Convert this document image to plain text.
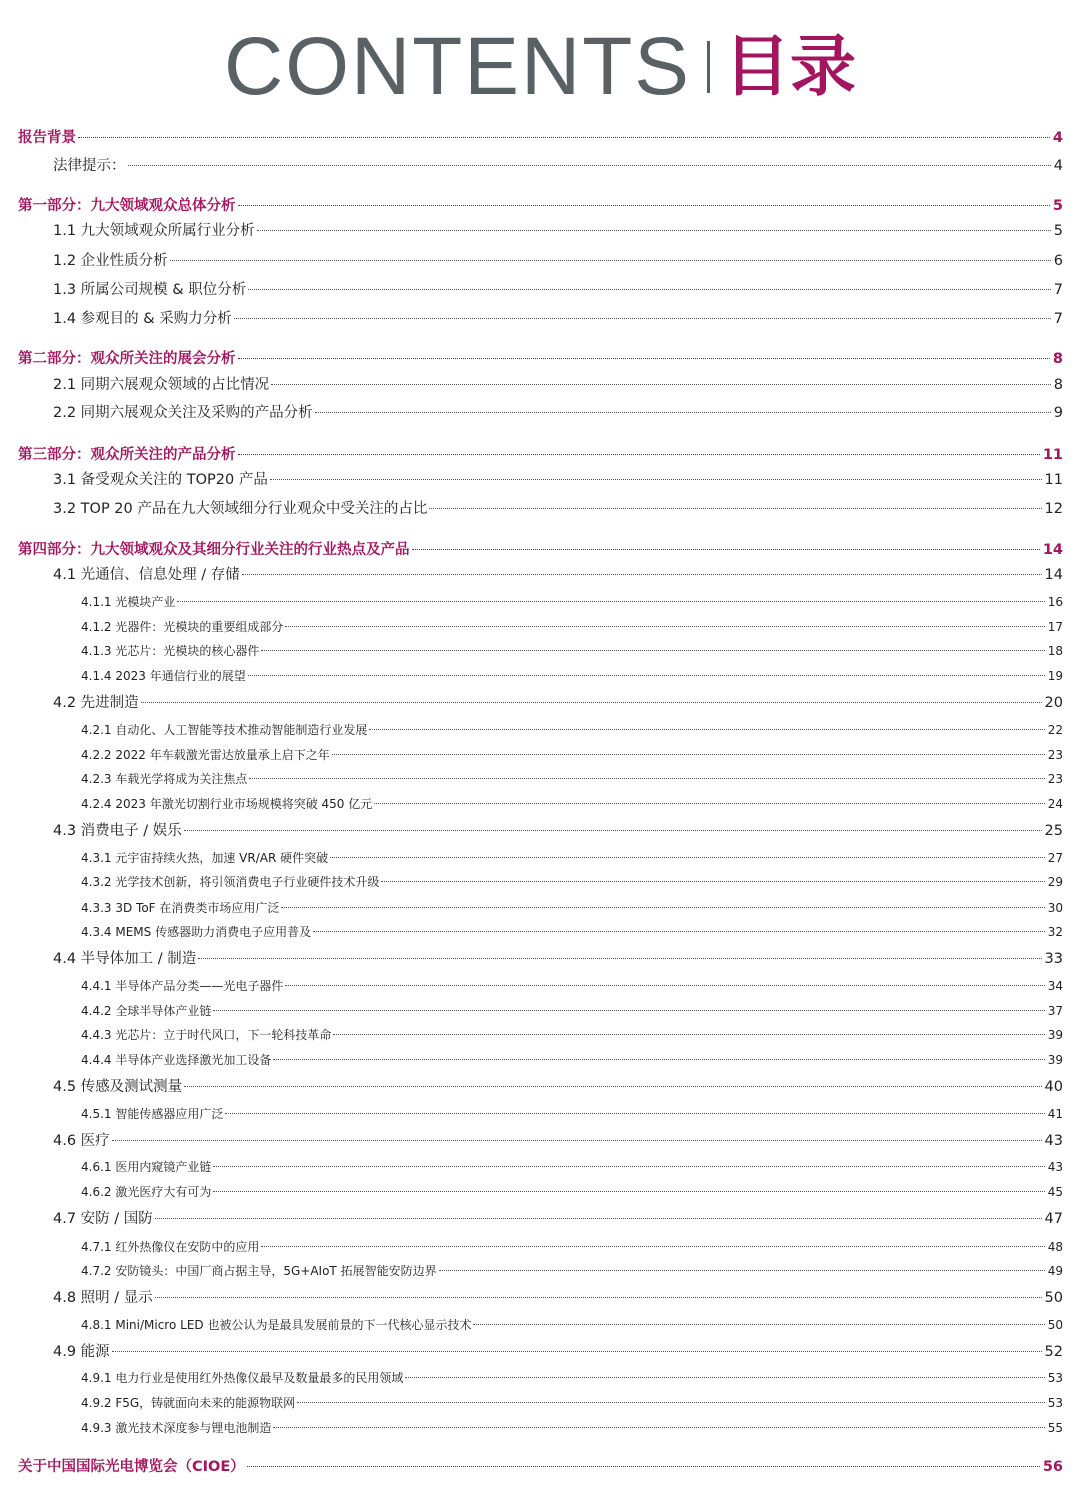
CONTENTS 目录
报告背景	4
法律提示：	4
第一部分：九大领域观众总体分析	5
1.1 九大领域观众所属行业分析	5
1.2 企业性质分析	6
1.3 所属公司规模 & 职位分析	7
1.4 参观目的 & 采购力分析	7
第二部分：观众所关注的展会分析	8
2.1 同期六展观众领域的占比情况	8
2.2 同期六展观众关注及采购的产品分析	9
第三部分：观众所关注的产品分析	11
3.1 备受观众关注的 TOP20 产品	11
3.2 TOP 20 产品在九大领域细分行业观众中受关注的占比	12
第四部分：九大领域观众及其细分行业关注的行业热点及产品	14
4.1 光通信、信息处理 / 存储	14
4.1.1 光模块产业	16
4.1.2 光器件：光模块的重要组成部分	17
4.1.3 光芯片：光模块的核心器件	18
4.1.4 2023 年通信行业的展望	19
4.2 先进制造	20
4.2.1 自动化、人工智能等技术推动智能制造行业发展	22
4.2.2 2022 年车载激光雷达放量承上启下之年	23
4.2.3 车载光学将成为关注焦点	23
4.2.4 2023 年激光切割行业市场规模将突破 450 亿元	24
4.3 消费电子 / 娱乐	25
4.3.1 元宇宙持续火热，加速 VR/AR 硬件突破	27
4.3.2 光学技术创新，将引领消费电子行业硬件技术升级	29
4.3.3 3D ToF 在消费类市场应用广泛	30
4.3.4 MEMS 传感器助力消费电子应用普及	32
4.4 半导体加工 / 制造	33
4.4.1 半导体产品分类——光电子器件	34
4.4.2 全球半导体产业链	37
4.4.3 光芯片：立于时代风口，下一轮科技革命	39
4.4.4 半导体产业选择激光加工设备	39
4.5 传感及测试测量	40
4.5.1 智能传感器应用广泛	41
4.6 医疗	43
4.6.1 医用内窥镜产业链	43
4.6.2 激光医疗大有可为	45
4.7 安防 / 国防	47
4.7.1 红外热像仪在安防中的应用	48
4.7.2 安防镜头：中国厂商占据主导，5G+AIoT 拓展智能安防边界	49
4.8 照明 / 显示	50
4.8.1 Mini/Micro LED 也被公认为是最具发展前景的下一代核心显示技术	50
4.9 能源	52
4.9.1 电力行业是使用红外热像仪最早及数量最多的民用领域	53
4.9.2 F5G，铸就面向未来的能源物联网	53
4.9.3 激光技术深度参与锂电池制造	55
关于中国国际光电博览会（CIOE）	56
